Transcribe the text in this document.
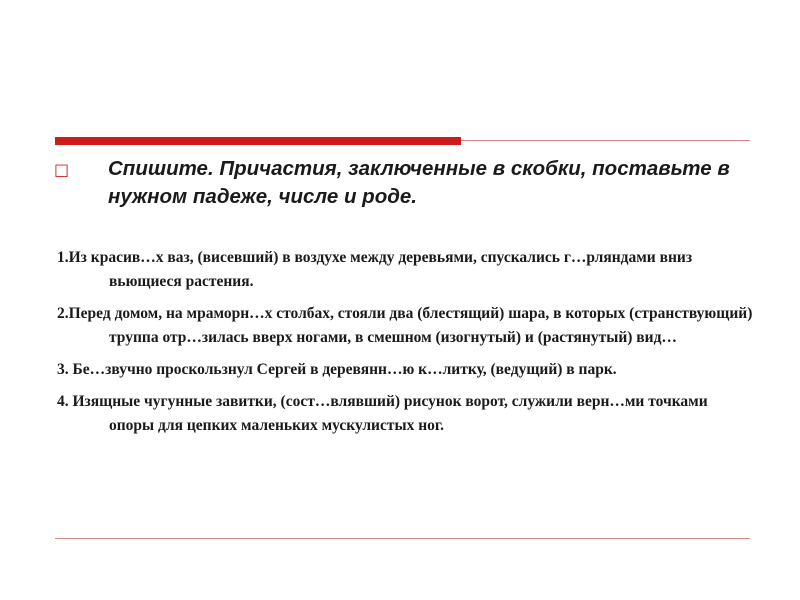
□ Спишите. Причастия, заключенные в скобки, поставьте в нужном падеже, числе и роде.

1.Из красив…х ваз, (висевший) в воздухе между деревьями, спускались г…рляндами вниз вьющиеся растения.
2.Перед домом, на мраморн…х столбах, стояли два (блестящий) шара, в которых (странствующий) труппа отр…зилась вверх ногами, в смешном (изогнутый) и (растянутый) вид…
3. Бе…звучно проскользнул Сергей в деревянн…ю к…литку, (ведущий) в парк.
4. Изящные чугунные завитки, (сост…влявший) рисунок ворот, служили верн…ми точками опоры для цепких маленьких мускулистых ног.
